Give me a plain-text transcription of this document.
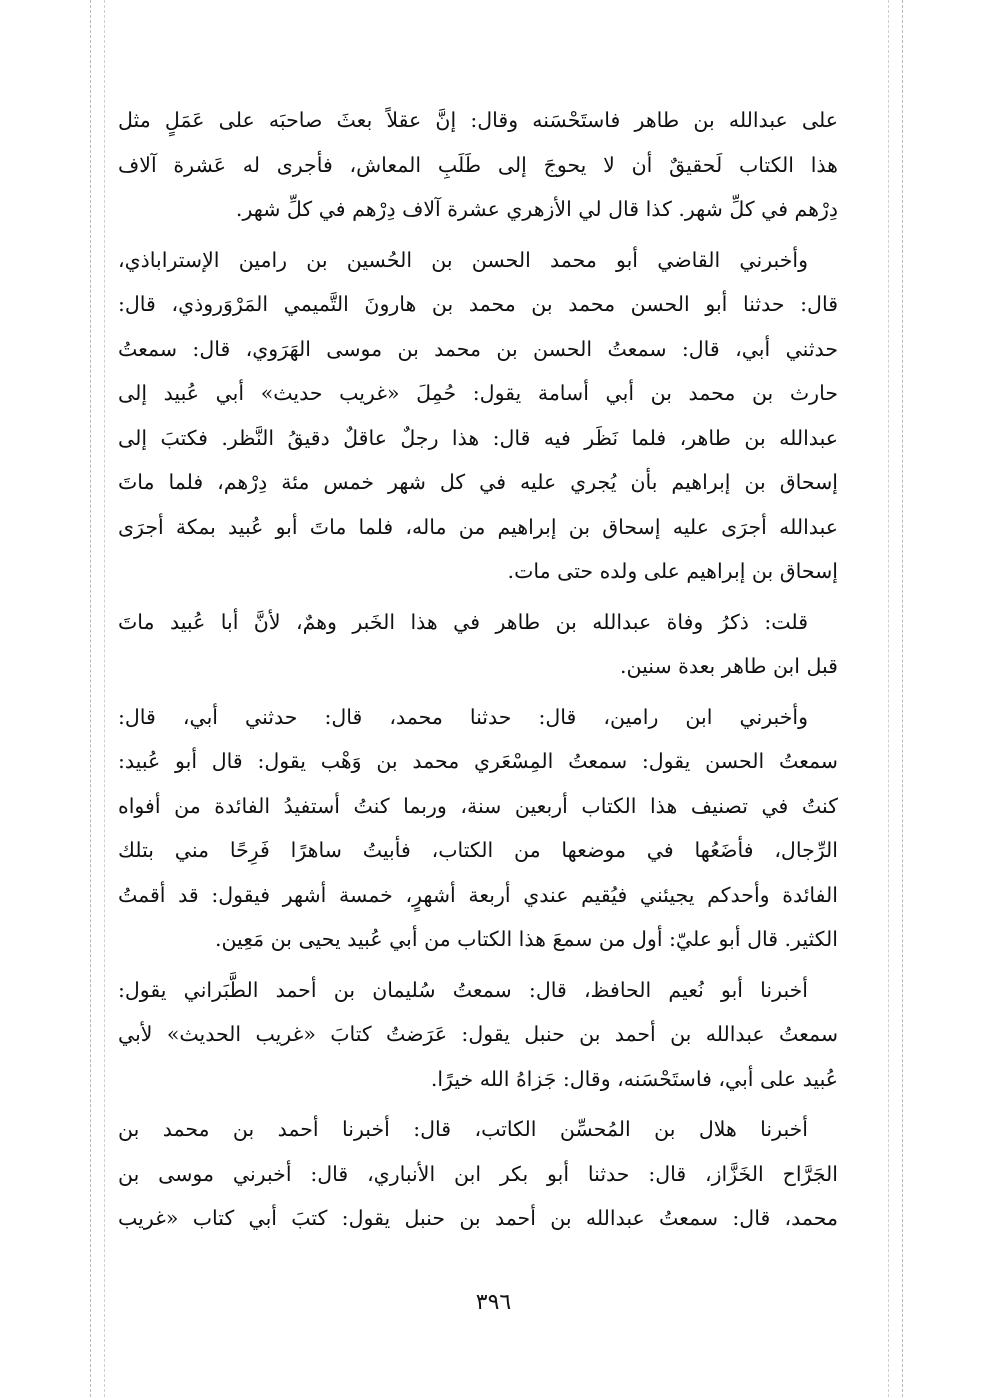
على عبدالله بن طاهر فاستَحْسَنه وقال: إنَّ عقلاً بعثَ صاحبَه على عَمَلٍ مثل
هذا الكتاب لَحقيقٌ أن لا يحوجَ إلى طَلَبِ المعاش، فأجرى له عَشرة آلاف
دِرْهم في كلِّ شهر. كذا قال لي الأزهري عشرة آلاف دِرْهم في كلِّ شهر.
وأخبرني القاضي أبو محمد الحسن بن الحُسين بن رامين الإستراباذي،
قال: حدثنا أبو الحسن محمد بن محمد بن هارونَ التَّميمي المَرْوَروذي، قال:
حدثني أبي، قال: سمعتُ الحسن بن محمد بن موسى الهَرَوي، قال: سمعتُ
حارث بن محمد بن أبي أسامة يقول: حُمِلَ «غريب حديث» أبي عُبيد إلى
عبدالله بن طاهر، فلما نَظَر فيه قال: هذا رجلٌ عاقلٌ دقيقُ النَّظر. فكتبَ إلى
إسحاق بن إبراهيم بأن يُجري عليه في كل شهر خمس مئة دِرْهم، فلما ماتَ
عبدالله أجرَى عليه إسحاق بن إبراهيم من ماله، فلما ماتَ أبو عُبيد بمكة أجرَى
إسحاق بن إبراهيم على ولده حتى مات.
قلت: ذكرُ وفاة عبدالله بن طاهر في هذا الخَبر وهمٌ، لأنَّ أبا عُبيد ماتَ
قبل ابن طاهر بعدة سنين.
وأخبرني ابن رامين، قال: حدثنا محمد، قال: حدثني أبي، قال:
سمعتُ الحسن يقول: سمعتُ المِسْعَري محمد بن وَهْب يقول: قال أبو عُبيد:
كنتُ في تصنيف هذا الكتاب أربعين سنة، وربما كنتُ أستفيدُ الفائدة من أفواه
الرِّجال، فأضَعُها في موضعها من الكتاب، فأبيتُ ساهرًا فَرِحًا مني بتلك
الفائدة وأحدكم يجيئني فيُقيم عندي أربعة أشهرٍ، خمسة أشهر فيقول: قد أقمتُ
الكثير. قال أبو عليّ: أول من سمعَ هذا الكتاب من أبي عُبيد يحيى بن مَعِين.
أخبرنا أبو نُعيم الحافظ، قال: سمعتُ سُليمان بن أحمد الطَّبَراني يقول:
سمعتُ عبدالله بن أحمد بن حنبل يقول: عَرَضتُ كتابَ «غريب الحديث» لأبي
عُبيد على أبي، فاستَحْسَنه، وقال: جَزاهُ الله خيرًا.
أخبرنا هلال بن المُحسِّن الكاتب، قال: أخبرنا أحمد بن محمد بن
الجَرَّاح الخَزَّاز، قال: حدثنا أبو بكر ابن الأنباري، قال: أخبرني موسى بن
محمد، قال: سمعتُ عبدالله بن أحمد بن حنبل يقول: كتبَ أبي كتاب «غريب
٣٩٦
